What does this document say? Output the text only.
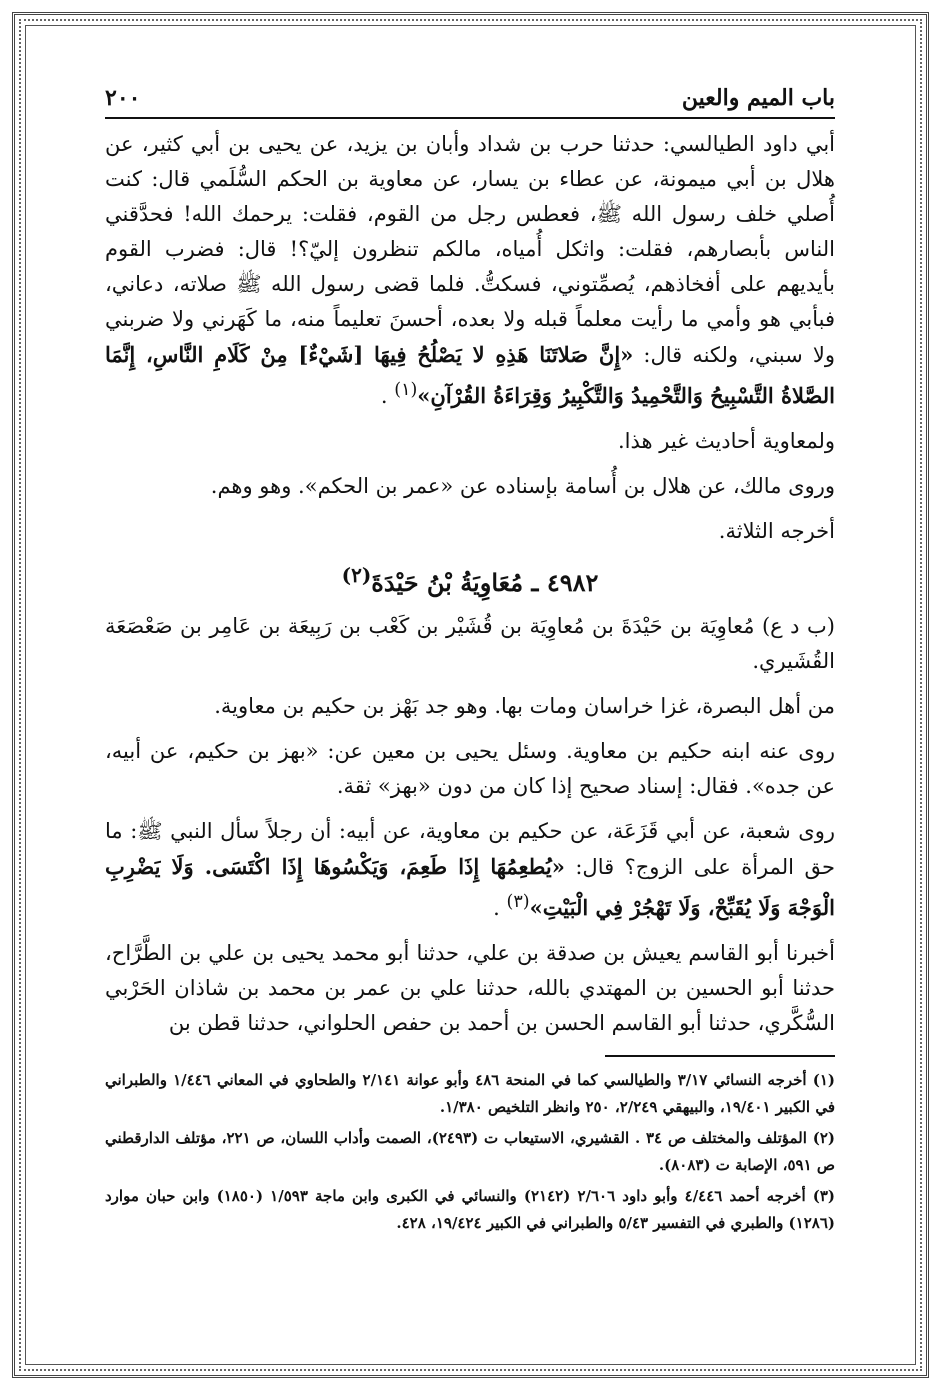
باب الميم والعين
٢٠٠

أبي داود الطيالسي: حدثنا حرب بن شداد وأبان بن يزيد، عن يحيى بن أبي كثير، عن هلال بن أبي ميمونة، عن عطاء بن يسار، عن معاوية بن الحكم السُّلَمي قال: كنت أُصلي خلف رسول الله ﷺ، فعطس رجل من القوم، فقلت: يرحمك الله! فحدَّقني الناس بأبصارهم، فقلت: واثكل أُمياه، مالكم تنظرون إليّ؟! قال: فضرب القوم بأيديهم على أفخاذهم، يُصمِّتوني، فسكتُّ. فلما قضى رسول الله ﷺ صلاته، دعاني، فبأبي هو وأمي ما رأيت معلماً قبله ولا بعده، أحسنَ تعليماً منه، ما كَهَرني ولا ضربني ولا سبني، ولكنه قال: «إِنَّ صَلاتَنَا هَذِهِ لا يَصْلُحُ فِيهَا [شَيْءٌ] مِنْ كَلَامِ النَّاسِ، إِنَّمَا الصَّلاةُ التَّسْبِيحُ وَالتَّحْمِيدُ وَالتَّكْبِيرُ وَقِرَاءَةُ القُرْآنِ»$^{(١)}$ .

ولمعاوية أحاديث غير هذا.

وروى مالك، عن هلال بن أُسامة بإسناده عن «عمر بن الحكم». وهو وهم.

أخرجه الثلاثة.

٤٩٨٢ ـ مُعَاوِيَةُ بْنُ حَيْدَةَ$^{(٢)}$

(ب د ع) مُعاوِيَة بن حَيْدَةَ بن مُعاوِيَة بن قُشَيْر بن كَعْب بن رَبِيعَة بن عَامِر بن صَعْصَعَة القُشَيري.

من أهل البصرة، غزا خراسان ومات بها. وهو جد بَهْز بن حكيم بن معاوية.

روى عنه ابنه حكيم بن معاوية. وسئل يحيى بن معين عن: «بهز بن حكيم، عن أبيه، عن جده». فقال: إسناد صحيح إذا كان من دون «بهز» ثقة.

روى شعبة، عن أبي قَزَعَة، عن حكيم بن معاوية، عن أبيه: أن رجلاً سأل النبي ﷺ: ما حق المرأة على الزوج؟ قال: «يُطعِمُهَا إِذَا طَعِمَ، وَيَكْسُوهَا إِذَا اكْتَسَى. وَلَا يَضْرِبِ الْوَجْهَ وَلَا يُقَبِّحْ، وَلَا تَهْجُرْ فِي الْبَيْتِ»$^{(٣)}$ .

أخبرنا أبو القاسم يعيش بن صدقة بن علي، حدثنا أبو محمد يحيى بن علي بن الطَّرَّاح، حدثنا أبو الحسين بن المهتدي بالله، حدثنا علي بن عمر بن محمد بن شاذان الحَرْبي السُّكَّري، حدثنا أبو القاسم الحسن بن أحمد بن حفص الحلواني، حدثنا قطن بن

(١) أخرجه النسائي ٣/١٧ والطيالسي كما في المنحة ٤٨٦ وأبو عوانة ٢/١٤١ والطحاوي في المعاني ١/٤٤٦ والطبراني في الكبير ١٩/٤٠١، والبيهقي ٢/٢٤٩، ٢٥٠ وانظر التلخيص ١/٣٨٠.

(٢) المؤتلف والمختلف ص ٣٤ . القشيري، الاستيعاب ت (٢٤٩٣)، الصمت وأداب اللسان، ص ٢٢١، مؤتلف الدارقطني ص ٥٩١، الإصابة ت (٨٠٨٣).

(٣) أخرجه أحمد ٤/٤٤٦ وأبو داود ٢/٦٠٦ (٢١٤٢) والنسائي في الكبرى وابن ماجة ١/٥٩٣ (١٨٥٠) وابن حبان موارد (١٢٨٦) والطبري في التفسير ٥/٤٣ والطبراني في الكبير ١٩/٤٢٤، ٤٢٨.
